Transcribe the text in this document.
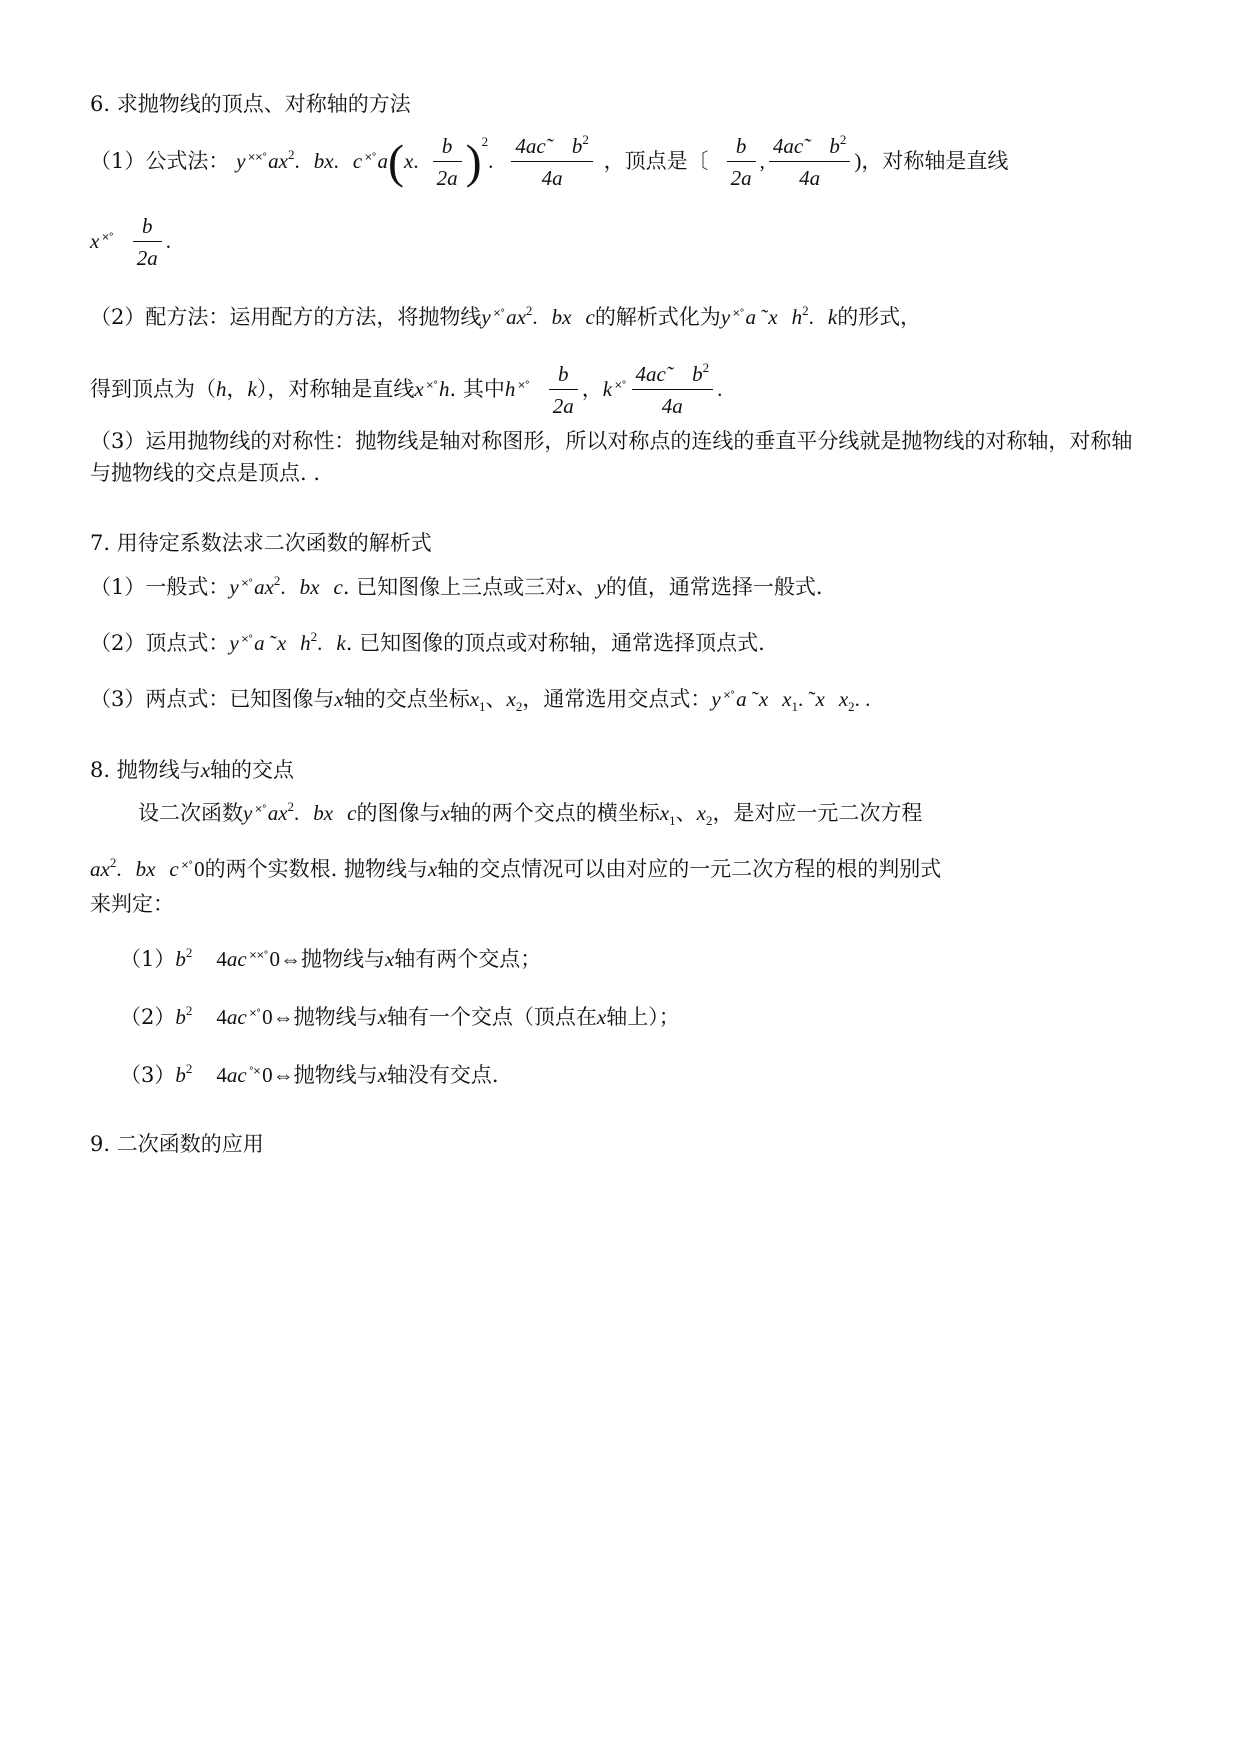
6. 求抛物线的顶点、对称轴的方法
（1）公式法： y $^{\times\times^\circ}ax^2$. bx. c ×°a(x. $\frac{b}{2a} )^2$. $\frac{4ac˜ b^2}{4a}$ ，顶点是〔 $\frac{b}{2a}$ , $\frac{4ac˜ b^2}{4a}$ )，对称轴是直线
x $^{\times^\circ} \frac{b}{2a}$ .
（2）配方法：运用配方的方法，将抛物线y $^{\times^\circ}ax^2$. bx c的解析式化为y ×°a ˜x $h^2$. k的形式，
得到顶点为（h，k），对称轴是直线x ×°h. 其中h $^{\times^\circ} \frac{b}{2a}$ ，k $^{\times^\circ} \frac{4ac˜ b^2}{4a}$ .
（3）运用抛物线的对称性：抛物线是轴对称图形，所以对称点的连线的垂直平分线就是抛物线的对称轴，对称轴与抛物线的交点是顶点. .
7. 用待定系数法求二次函数的解析式
（1）一般式：y $^{\times^\circ}ax^2$. bx c. 已知图像上三点或三对x、y的值，通常选择一般式.
（2）顶点式：y ×°a ˜x $h^2$. k. 已知图像的顶点或对称轴，通常选择顶点式.
（3）两点式：已知图像与x轴的交点坐标$x_1$、$x_2$，通常选用交点式：y ×°a ˜x $x_1$. ˜x $x_2$. .
8. 抛物线与x轴的交点
设二次函数y $^{\times^\circ}ax^2$. bx c的图像与x轴的两个交点的横坐标$x_1$、$x_2$，是对应一元二次方程
$ax^2$. bx c ×°0的两个实数根. 抛物线与x轴的交点情况可以由对应的一元二次方程的根的判别式
来判定：
$(1)b^2$ 4ac ××°0⇔抛物线与x轴有两个交点；
$(2)b^2$ 4ac ×°0⇔抛物线与x轴有一个交点（顶点在x轴上）；
$(3)b^2$ 4ac °×0⇔抛物线与x轴没有交点.
9. 二次函数的应用
